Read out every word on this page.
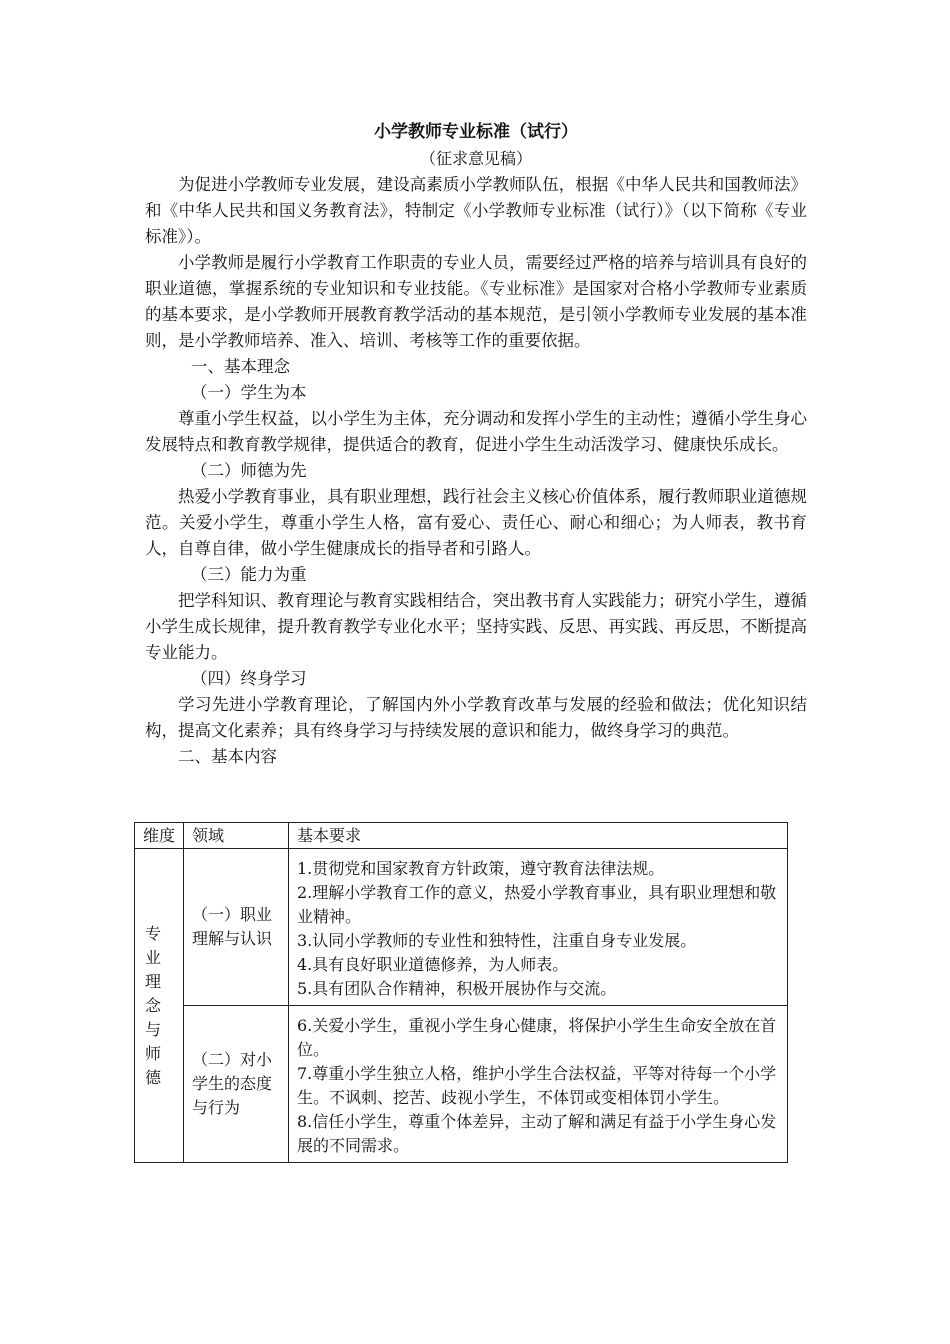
小学教师专业标准（试行）
（征求意见稿）

为促进小学教师专业发展，建设高素质小学教师队伍，根据《中华人民共和国教师法》和《中华人民共和国义务教育法》，特制定《小学教师专业标准（试行）》（以下简称《专业标准》）。

小学教师是履行小学教育工作职责的专业人员，需要经过严格的培养与培训具有良好的职业道德，掌握系统的专业知识和专业技能。《专业标准》是国家对合格小学教师专业素质的基本要求，是小学教师开展教育教学活动的基本规范，是引领小学教师专业发展的基本准则，是小学教师培养、准入、培训、考核等工作的重要依据。

一、基本理念

（一）学生为本

尊重小学生权益，以小学生为主体，充分调动和发挥小学生的主动性；遵循小学生身心发展特点和教育教学规律，提供适合的教育，促进小学生生动活泼学习、健康快乐成长。

（二）师德为先

热爱小学教育事业，具有职业理想，践行社会主义核心价值体系，履行教师职业道德规范。关爱小学生，尊重小学生人格，富有爱心、责任心、耐心和细心；为人师表，教书育人，自尊自律，做小学生健康成长的指导者和引路人。

（三）能力为重

把学科知识、教育理论与教育实践相结合，突出教书育人实践能力；研究小学生，遵循小学生成长规律，提升教育教学专业化水平；坚持实践、反思、再实践、再反思，不断提高专业能力。

（四）终身学习

学习先进小学教育理论，了解国内外小学教育改革与发展的经验和做法；优化知识结构，提高文化素养；具有终身学习与持续发展的意识和能力，做终身学习的典范。

二、基本内容

维度	领域	基本要求

专业理念与师德	（一）职业理解与认识	1.贯彻党和国家教育方针政策，遵守教育法律法规。
2.理解小学教育工作的意义，热爱小学教育事业，具有职业理想和敬业精神。
3.认同小学教师的专业性和独特性，注重自身专业发展。
4.具有良好职业道德修养，为人师表。
5.具有团队合作精神，积极开展协作与交流。

	（二）对小学生的态度与行为	6.关爱小学生，重视小学生身心健康，将保护小学生生命安全放在首位。
7.尊重小学生独立人格，维护小学生合法权益，平等对待每一个小学生。不讽刺、挖苦、歧视小学生，不体罚或变相体罚小学生。
8.信任小学生，尊重个体差异，主动了解和满足有益于小学生身心发展的不同需求。
